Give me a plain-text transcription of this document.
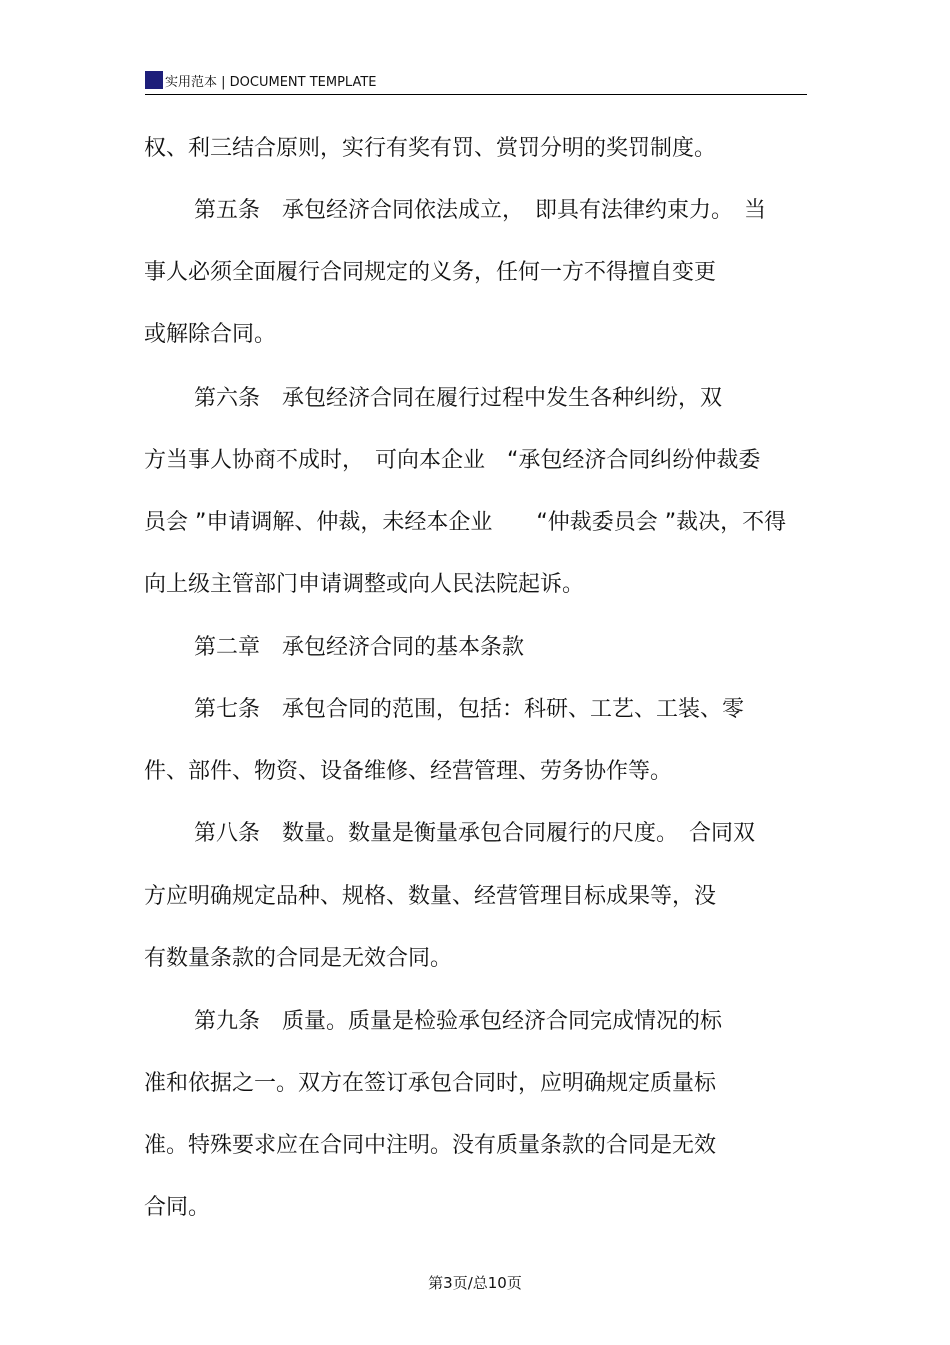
实用范本 | DOCUMENT TEMPLATE
权、利三结合原则，实行有奖有罚、赏罚分明的奖罚制度。
第五条　承包经济合同依法成立，　即具有法律约束力。　当
事人必须全面履行合同规定的义务，任何一方不得擅自变更
或解除合同。
第六条　承包经济合同在履行过程中发生各种纠纷，双
方当事人协商不成时，　可向本企业　“承包经济合同纠纷仲裁委
员会 ”申请调解、仲裁，未经本企业　　“仲裁委员会 ”裁决，不得
向上级主管部门申请调整或向人民法院起诉。
第二章　承包经济合同的基本条款
第七条　承包合同的范围，包括：科研、工艺、工装、零
件、部件、物资、设备维修、经营管理、劳务协作等。
第八条　数量。数量是衡量承包合同履行的尺度。　合同双
方应明确规定品种、规格、数量、经营管理目标成果等，没
有数量条款的合同是无效合同。
第九条　质量。质量是检验承包经济合同完成情况的标
准和依据之一。双方在签订承包合同时，应明确规定质量标
准。特殊要求应在合同中注明。没有质量条款的合同是无效
合同。
第3页/总10页
